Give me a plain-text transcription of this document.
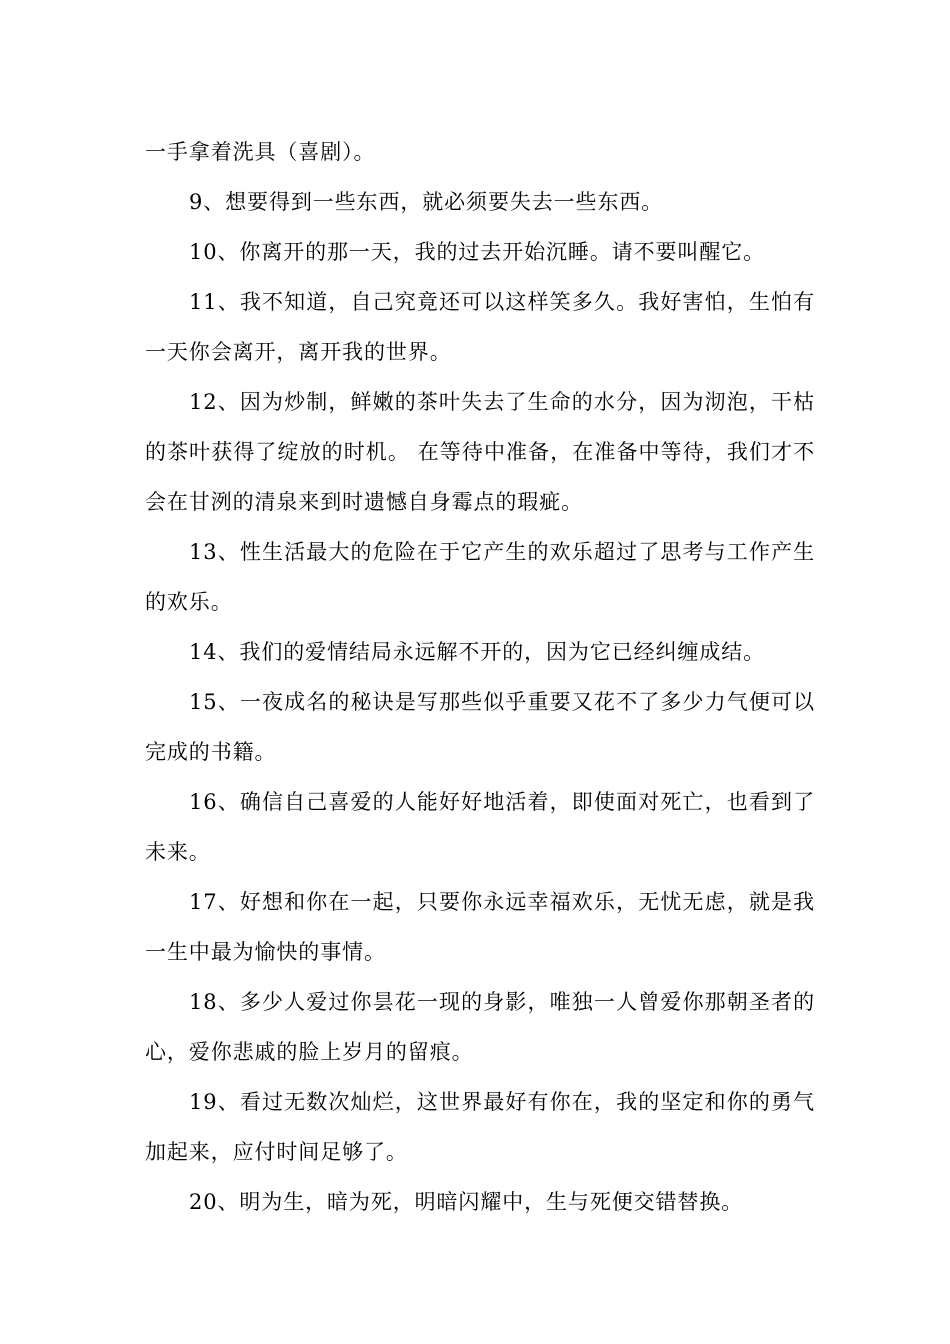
一手拿着洗具（喜剧）。

9、想要得到一些东西，就必须要失去一些东西。

10、你离开的那一天，我的过去开始沉睡。请不要叫醒它。

11、我不知道，自己究竟还可以这样笑多久。我好害怕，生怕有一天你会离开，离开我的世界。

12、因为炒制，鲜嫩的茶叶失去了生命的水分，因为沏泡，干枯的茶叶获得了绽放的时机。 在等待中准备，在准备中等待，我们才不会在甘洌的清泉来到时遗憾自身霉点的瑕疵。

13、性生活最大的危险在于它产生的欢乐超过了思考与工作产生的欢乐。

14、我们的爱情结局永远解不开的，因为它已经纠缠成结。

15、一夜成名的秘诀是写那些似乎重要又花不了多少力气便可以完成的书籍。

16、确信自己喜爱的人能好好地活着，即使面对死亡，也看到了未来。

17、好想和你在一起，只要你永远幸福欢乐，无忧无虑，就是我一生中最为愉快的事情。

18、多少人爱过你昙花一现的身影，唯独一人曾爱你那朝圣者的心，爱你悲戚的脸上岁月的留痕。

19、看过无数次灿烂，这世界最好有你在，我的坚定和你的勇气加起来，应付时间足够了。

20、明为生，暗为死，明暗闪耀中，生与死便交错替换。
